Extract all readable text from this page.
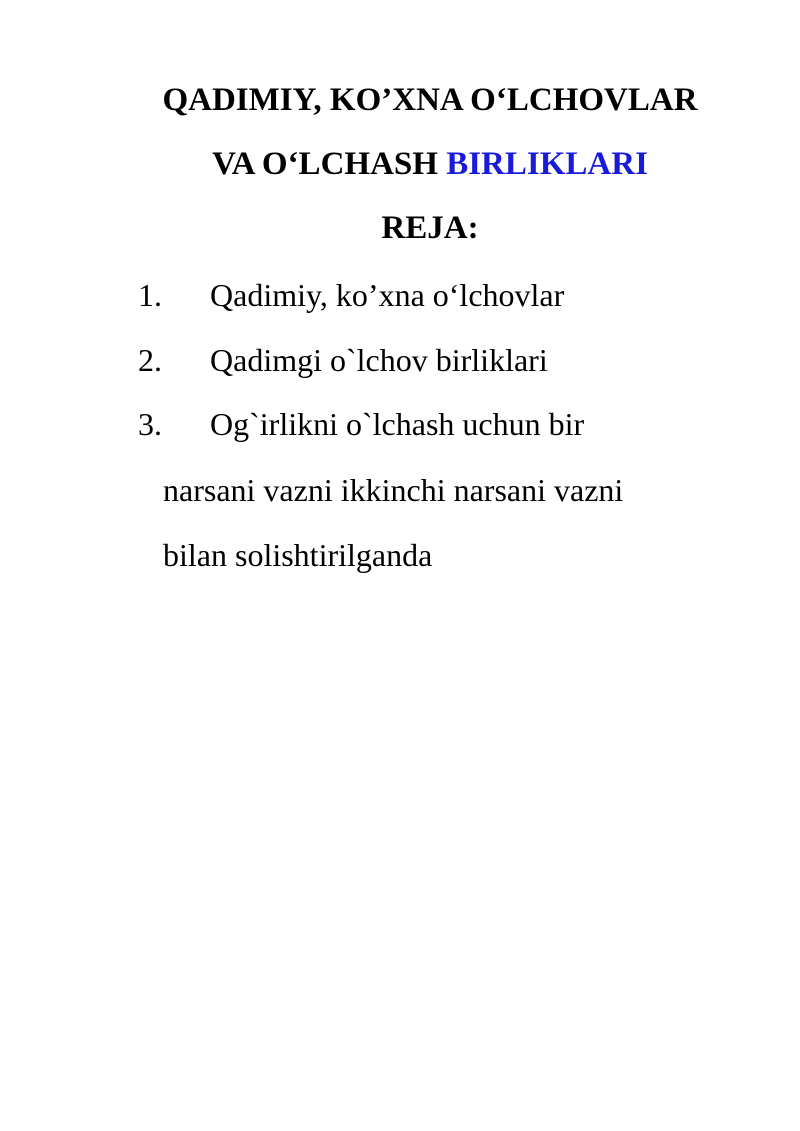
QADIMIY, KO’XNA O‘LCHOVLAR
VA O‘LCHASH BIRLIKLARI
REJA:
1. Qadimiy, ko’xna o‘lchovlar
2. Qadimgi o`lchov birliklari
3. Og`irlikni o`lchash uchun bir
narsani vazni ikkinchi narsani vazni
bilan solishtirilganda
